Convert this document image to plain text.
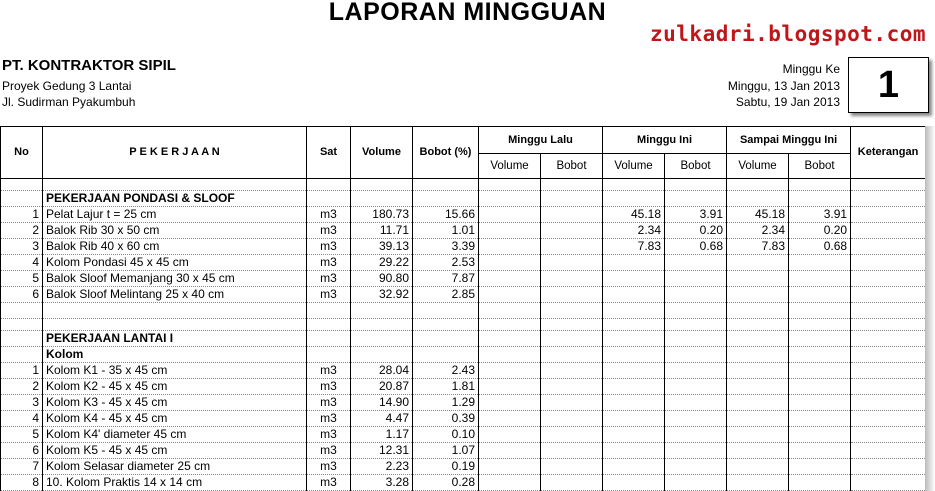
LAPORAN MINGGUAN
zulkadri.blogspot.com
PT. KONTRAKTOR SIPIL
Proyek Gedung 3 Lantai
Jl. Sudirman Pyakumbuh
Minggu Ke
Minggu, 13 Jan 2013
Sabtu, 19 Jan 2013 1
No	P E K E R J A A N	Sat	Volume	Bobot (%)	Minggu Lalu		Minggu Ini		Sampai Minggu Ini		Keterangan
					Volume	Bobot	Volume	Bobot	Volume	Bobot	

	PEKERJAAN PONDASI & SLOOF										
1	Pelat Lajur t = 25 cm	m3	180.73	15.66			45.18	3.91	45.18	3.91	
2	Balok Rib 30 x 50 cm	m3	11.71	1.01			2.34	0.20	2.34	0.20	
3	Balok Rib 40 x 60 cm	m3	39.13	3.39			7.83	0.68	7.83	0.68	
4	Kolom Pondasi 45 x 45 cm	m3	29.22	2.53							
5	Balok Sloof Memanjang 30 x 45 cm	m3	90.80	7.87							
6	Balok Sloof Melintang 25 x 40 cm	m3	32.92	2.85							

	PEKERJAAN LANTAI I										
	Kolom										
1	Kolom K1 - 35 x 45 cm	m3	28.04	2.43							
2	Kolom K2 - 45 x 45 cm	m3	20.87	1.81							
3	Kolom K3 - 45 x 45 cm	m3	14.90	1.29							
4	Kolom K4 - 45 x 45 cm	m3	4.47	0.39							
5	Kolom K4' diameter 45 cm	m3	1.17	0.10							
6	Kolom K5 - 45 x 45 cm	m3	12.31	1.07							
7	Kolom Selasar diameter 25 cm	m3	2.23	0.19							
8	10. Kolom Praktis 14 x 14 cm	m3	3.28	0.28							
